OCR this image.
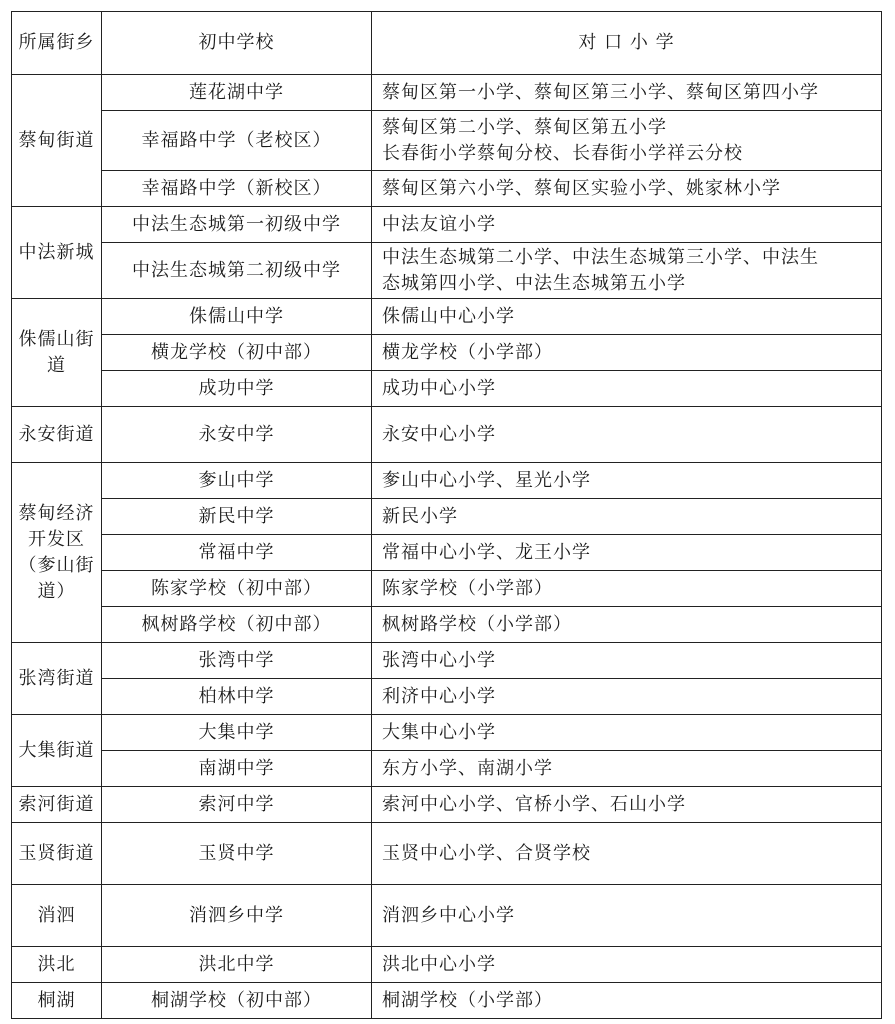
所属街乡	初中学校	对 口 小 学

蔡甸街道	莲花湖中学	蔡甸区第一小学、蔡甸区第三小学、蔡甸区第四小学

	幸福路中学（老校区）	蔡甸区第二小学、蔡甸区第五小学
长春街小学蔡甸分校、长春街小学祥云分校

	幸福路中学（新校区）	蔡甸区第六小学、蔡甸区实验小学、姚家林小学

中法新城	中法生态城第一初级中学	中法友谊小学

	中法生态城第二初级中学	中法生态城第二小学、中法生态城第三小学、中法生
态城第四小学、中法生态城第五小学

侏儒山街道	侏儒山中学	侏儒山中心小学

	横龙学校（初中部）	横龙学校（小学部）

	成功中学	成功中心小学

永安街道	永安中学	永安中心小学

蔡甸经济开发区（奓山街道）	奓山中学	奓山中心小学、星光小学

	新民中学	新民小学

	常福中学	常福中心小学、龙王小学

	陈家学校（初中部）	陈家学校（小学部）

	枫树路学校（初中部）	枫树路学校（小学部）

张湾街道	张湾中学	张湾中心小学

	柏林中学	利济中心小学

大集街道	大集中学	大集中心小学

	南湖中学	东方小学、南湖小学

索河街道	索河中学	索河中心小学、官桥小学、石山小学

玉贤街道	玉贤中学	玉贤中心小学、合贤学校

消泗	消泗乡中学	消泗乡中心小学

洪北	洪北中学	洪北中心小学

桐湖	桐湖学校（初中部）	桐湖学校（小学部）
